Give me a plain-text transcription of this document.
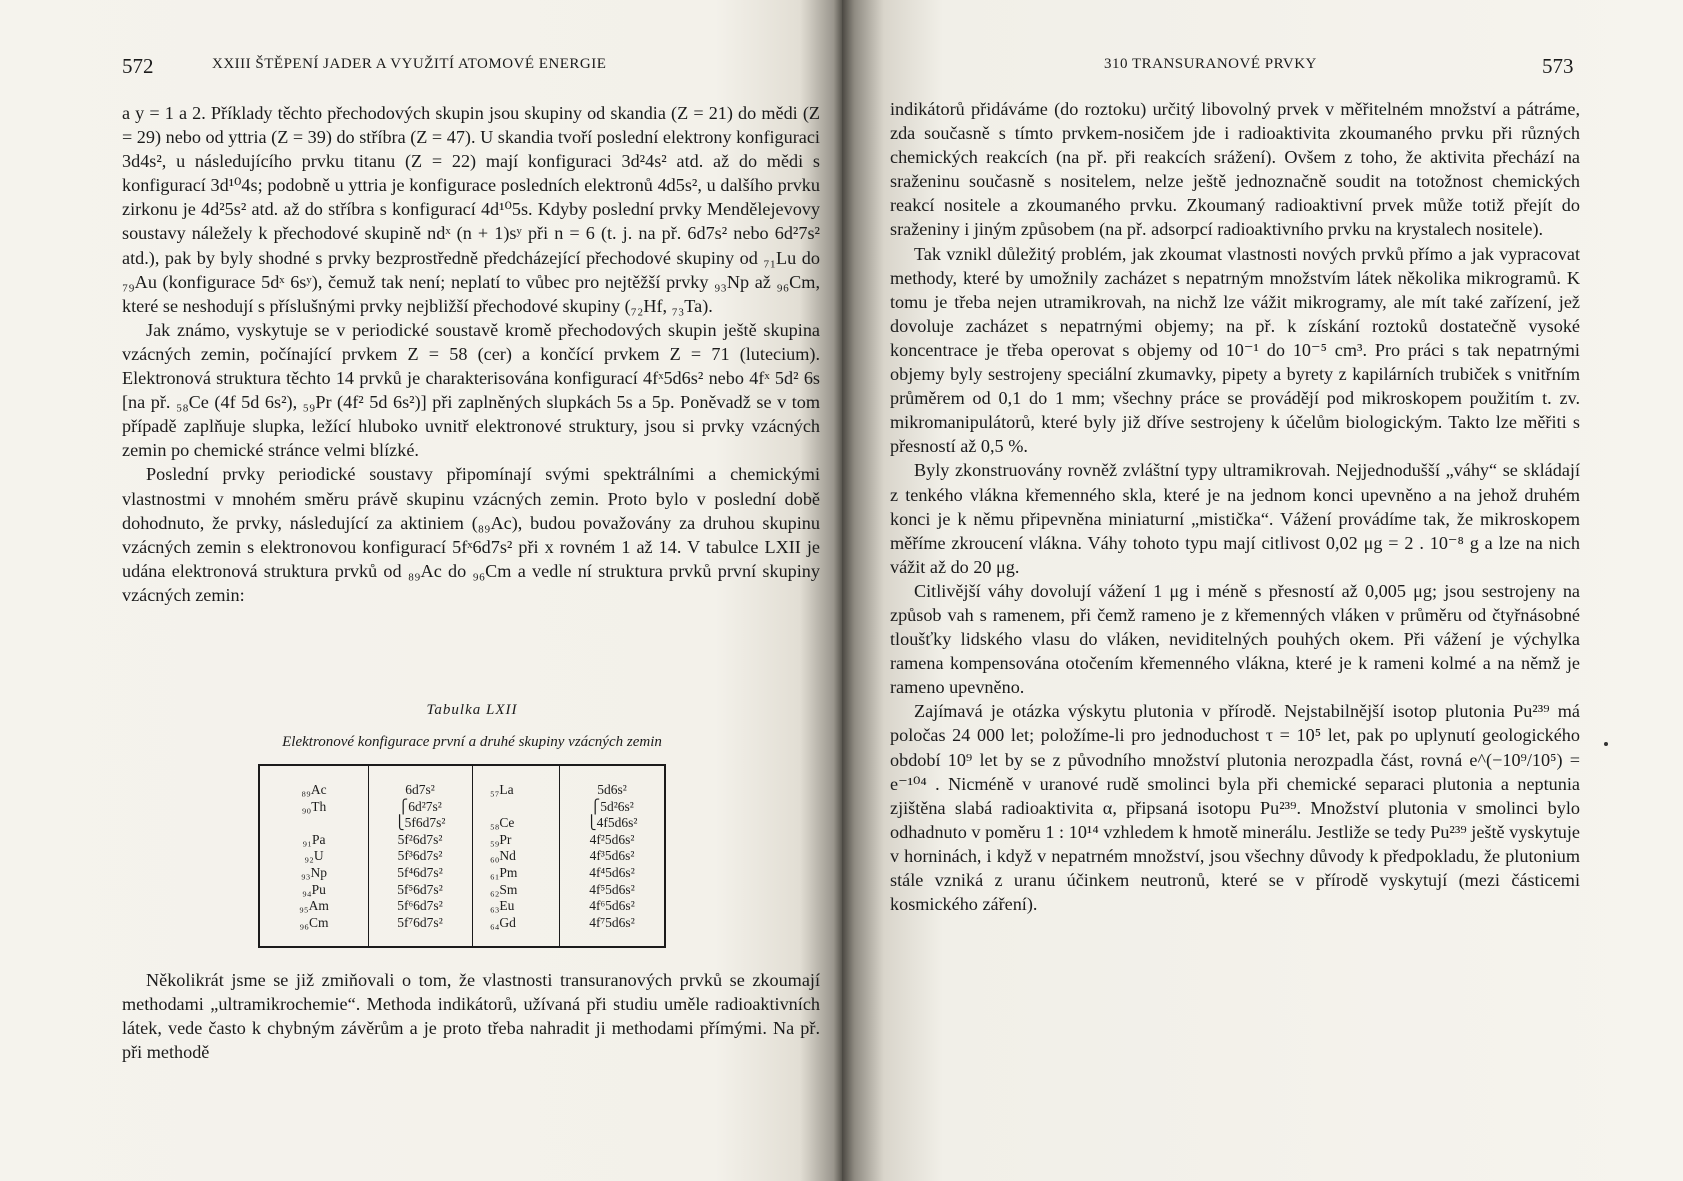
572	XXIII ŠTĚPENÍ JADER A VYUŽITÍ ATOMOVÉ ENERGIE

a y = 1 a 2. Příklady těchto přechodových skupin jsou skupiny od skandia (Z = 21) do mědi (Z = 29) nebo od yttria (Z = 39) do stříbra (Z = 47). U skandia tvoří poslední elektrony konfiguraci 3d4s², u následujícího prvku titanu (Z = 22) mají konfiguraci 3d²4s² atd. až do mědi s konfigurací 3d¹⁰4s; podobně u yttria je konfigurace posledních elektronů 4d5s², u dalšího prvku zirkonu je 4d²5s² atd. až do stříbra s konfigurací 4d¹⁰5s. Kdyby poslední prvky Mendělejevovy soustavy náležely k přechodové skupině ndˣ (n + 1)sʸ při n = 6 (t. j. na př. 6d7s² nebo 6d²7s² atd.), pak by byly shodné s prvky bezprostředně předcházející přechodové skupiny od ₇₁Lu do ₇₉Au (konfigurace 5dˣ 6sʸ), čemuž tak není; neplatí to vůbec pro nejtěžší prvky ₉₃Np až ₉₆Cm, které se neshodují s příslušnými prvky nejbližší přechodové skupiny (₇₂Hf, ₇₃Ta).

Jak známo, vyskytuje se v periodické soustavě kromě přechodových skupin ještě skupina vzácných zemin, počínající prvkem Z = 58 (cer) a končící prvkem Z = 71 (lutecium). Elektronová struktura těchto 14 prvků je charakterisována konfigurací 4fˣ5d6s² nebo 4fˣ 5d² 6s [na př. ₅₈Ce (4f 5d 6s²), ₅₉Pr (4f² 5d 6s²)] při zaplněných slupkách 5s a 5p. Poněvadž se v tom případě zaplňuje slupka, ležící hluboko uvnitř elektronové struktury, jsou si prvky vzácných zemin po chemické stránce velmi blízké.

Poslední prvky periodické soustavy připomínají svými spektrálními a chemickými vlastnostmi v mnohém směru právě skupinu vzácných zemin. Proto bylo v poslední době dohodnuto, že prvky, následující za aktiniem (₈₉Ac), budou považovány za druhou skupinu vzácných zemin s elektronovou konfigurací 5fˣ6d7s² při x rovném 1 až 14. V tabulce LXII je udána elektronová struktura prvků od ₈₉Ac do ₉₆Cm a vedle ní struktura prvků první skupiny vzácných zemin:

Tabulka LXII
Elektronové konfigurace první a druhé skupiny vzácných zemin
₈₉Ac
₉₀Th
₉₁Pa
₉₂U
₉₃Np
₉₄Pu
₉₅Am
₉₆Cm
6d7s²
⎧6d²7s²
⎩5f6d7s²
5f²6d7s²
5f³6d7s²
5f⁴6d7s²
5f⁵6d7s²
5f⁶6d7s²
5f⁷6d7s²
₅₇La
₅₈Ce
₅₉Pr
₆₀Nd
₆₁Pm
₆₂Sm
₆₃Eu
₆₄Gd
5d6s²
⎧5d²6s²
⎩4f5d6s²
4f²5d6s²
4f³5d6s²
4f⁴5d6s²
4f⁵5d6s²
4f⁶5d6s²
4f⁷5d6s²

Několikrát jsme se již zmiňovali o tom, že vlastnosti transuranových prvků se zkoumají methodami „ultramikrochemie“. Methoda indikátorů, užívaná při studiu uměle radioaktivních látek, vede často k chybným závěrům a je proto třeba nahradit ji methodami přímými. Na př. při methodě

310 TRANSURANOVÉ PRVKY	573

indikátorů přidáváme (do roztoku) určitý libovolný prvek v měřitelném množství a pátráme, zda současně s tímto prvkem-nosičem jde i radioaktivita zkoumaného prvku při různých chemických reakcích (na př. při reakcích srážení). Ovšem z toho, že aktivita přechází na sraženinu současně s nositelem, nelze ještě jednoznačně soudit na totožnost chemických reakcí nositele a zkoumaného prvku. Zkoumaný radioaktivní prvek může totiž přejít do sraženiny i jiným způsobem (na př. adsorpcí radioaktivního prvku na krystalech nositele).

Tak vznikl důležitý problém, jak zkoumat vlastnosti nových prvků přímo a jak vypracovat methody, které by umožnily zacházet s nepatrným množstvím látek několika mikrogramů. K tomu je třeba nejen utramikrovah, na nichž lze vážit mikrogramy, ale mít také zařízení, jež dovoluje zacházet s nepatrnými objemy; na př. k získání roztoků dostatečně vysoké koncentrace je třeba operovat s objemy od 10⁻¹ do 10⁻⁵ cm³. Pro práci s tak nepatrnými objemy byly sestrojeny speciální zkumavky, pipety a byrety z kapilárních trubiček s vnitřním průměrem od 0,1 do 1 mm; všechny práce se provádějí pod mikroskopem použitím t. zv. mikromanipulátorů, které byly již dříve sestrojeny k účelům biologickým. Takto lze měřiti s přesností až 0,5 %.

Byly zkonstruovány rovněž zvláštní typy ultramikrovah. Nejjednodušší „váhy“ se skládají z tenkého vlákna křemenného skla, které je na jednom konci upevněno a na jehož druhém konci je k němu připevněna miniaturní „mistička“. Vážení provádíme tak, že mikroskopem měříme zkroucení vlákna. Váhy tohoto typu mají citlivost 0,02 μg = 2 . 10⁻⁸ g a lze na nich vážit až do 20 μg.

Citlivější váhy dovolují vážení 1 μg i méně s přesností až 0,005 μg; jsou sestrojeny na způsob vah s ramenem, při čemž rameno je z křemenných vláken v průměru od čtyřnásobné tloušťky lidského vlasu do vláken, neviditelných pouhých okem. Při vážení je výchylka ramena kompensována otočením křemenného vlákna, které je k rameni kolmé a na němž je rameno upevněno.

Zajímavá je otázka výskytu plutonia v přírodě. Nejstabilnější isotop plutonia Pu²³⁹ má poločas 24 000 let; položíme-li pro jednoduchost τ = 10⁵ let, pak po uplynutí geologického období 10⁹ let by se z původního množství plutonia nerozpadla část, rovná e^(−10⁹/10⁵) = e⁻¹⁰⁴ . Nicméně v uranové rudě smolinci byla při chemické separaci plutonia a neptunia zjištěna slabá radioaktivita α, připsaná isotopu Pu²³⁹. Množství plutonia v smolinci bylo odhadnuto v poměru 1 : 10¹⁴ vzhledem k hmotě minerálu. Jestliže se tedy Pu²³⁹ ještě vyskytuje v horninách, i když v nepatrném množství, jsou všechny důvody k předpokladu, že plutonium stále vzniká z uranu účinkem neutronů, které se v přírodě vyskytují (mezi částicemi kosmického záření).
